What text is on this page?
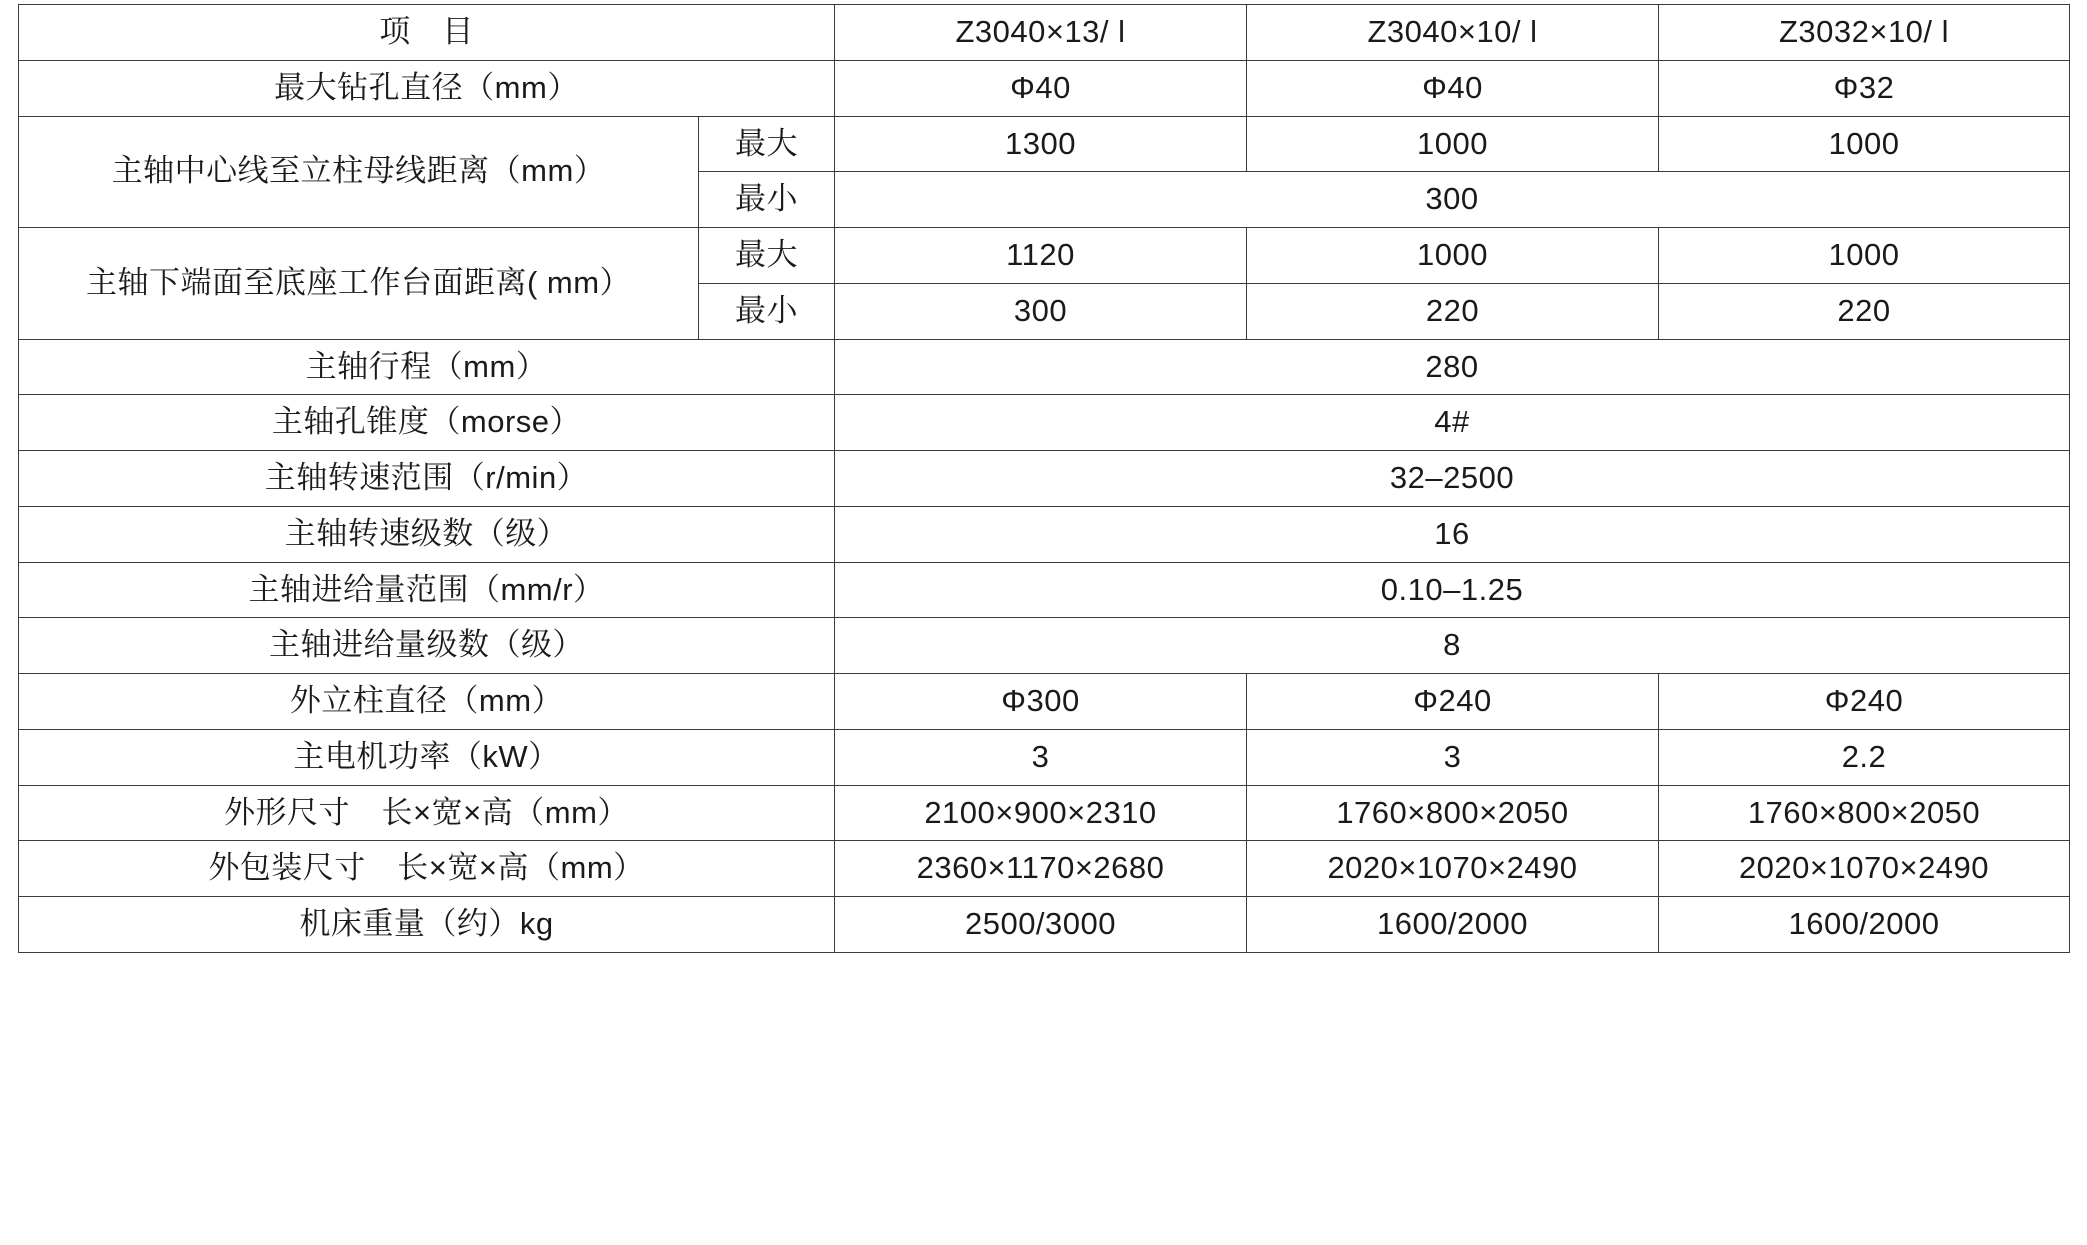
项　目		Z3040×13/ l	Z3040×10/ l	Z3032×10/ l
最大钻孔直径（mm）		Φ40	Φ40	Φ32
主轴中心线至立柱母线距离（mm）	最大	1300	1000	1000
	最小	300		
主轴下端面至底座工作台面距离( mm）	最大	1120	1000	1000
	最小	300	220	220
主轴行程（mm）		280		
主轴孔锥度（morse）		4#		
主轴转速范围（r/min）		32–2500		
主轴转速级数（级）		16		
主轴进给量范围（mm/r）		0.10–1.25		
主轴进给量级数（级）		8		
外立柱直径（mm）		Φ300	Φ240	Φ240
主电机功率（kW）		3	3	2.2
外形尺寸　长×宽×高（mm）		2100×900×2310	1760×800×2050	1760×800×2050
外包装尺寸　长×宽×高（mm）		2360×1170×2680	2020×1070×2490	2020×1070×2490
机床重量（约）kg		2500/3000	1600/2000	1600/2000
